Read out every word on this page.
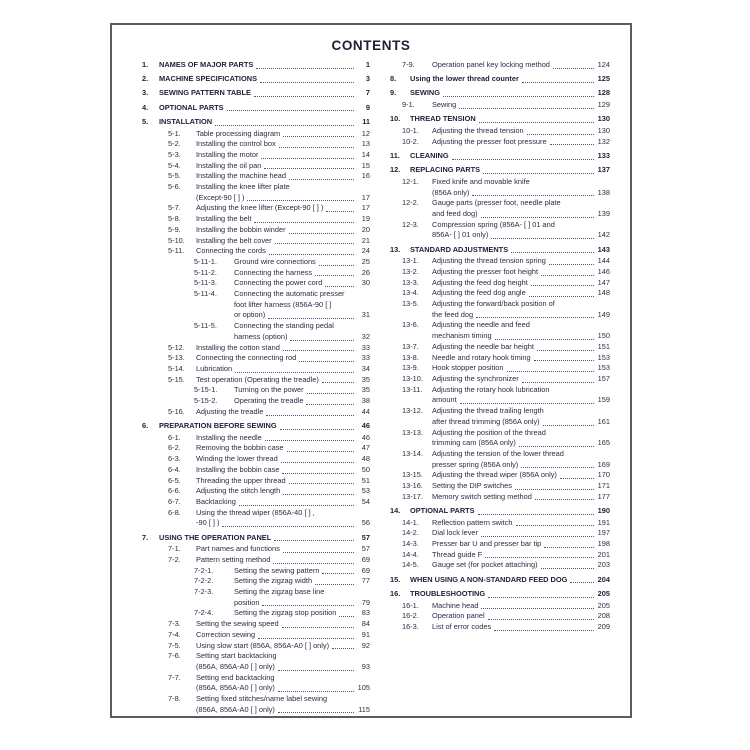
CONTENTS
1.	NAMES OF MAJOR PARTS	1
2.	MACHINE SPECIFICATIONS	3
3.	SEWING PATTERN TABLE	7
4.	OPTIONAL PARTS	9
5.	INSTALLATION	11
5-1.	Table processing diagram	12
5-2.	Installing the control box	13
5-3.	Installing the motor	14
5-4.	Installing the oil pan	15
5-5.	Installing the machine head	16
5-6.	Installing the knee lifter plate
(Except-90 [ ] )	17
5-7.	Adjusting the knee lifter (Except-90 [ ] )	17
5-8.	Installing the belt	19
5-9.	Installing the bobbin winder	20
5-10.	Installing the belt cover	21
5-11.	Connecting the cords	24
5-11-1.	Ground wire connections	25
5-11-2.	Connecting the harness	26
5-11-3.	Connecting the power cord	30
5-11-4.	Connecting the automatic presser
foot lifter harness (856A-90 [ ]
or option)	31
5-11-5.	Connecting the standing pedal
harness (option)	32
5-12.	Installing the cotton stand	33
5-13.	Connecting the connecting rod	33
5-14.	Lubrication	34
5-15.	Test operation (Operating the treadle)	35
5-15-1.	Turning on the power	35
5-15-2.	Operating the treadle	38
5-16.	Adjusting the treadle	44
6.	PREPARATION BEFORE SEWING	46
6-1.	Installing the needle	46
6-2.	Removing the bobbin case	47
6-3.	Winding the lower thread	48
6-4.	Installing the bobbin case	50
6-5.	Threading the upper thread	51
6-6.	Adjusting the stitch length	53
6-7.	Backtacking	54
6-8.	Using the thread wiper (856A-40 [ ] ,
-90 [ ] )	56
7.	USING THE OPERATION PANEL	57
7-1.	Part names and functions	57
7-2.	Pattern setting method	69
7-2-1.	Setting the sewing pattern	69
7-2-2.	Setting the zigzag width	77
7-2-3.	Setting the zigzag base line
position	79
7-2-4.	Setting the zigzag stop position	83
7-3.	Setting the sewing speed	84
7-4.	Correction sewing	91
7-5.	Using slow start (856A, 856A-A0 [ ] only)	92
7-6.	Setting start backtacking
(856A, 856A-A0 [ ] only)	93
7-7.	Setting end backtacking
(856A, 856A-A0 [ ] only)	105
7-8.	Setting fixed stitches/name label sewing
(856A, 856A-A0 [ ] only)	115
7-9.	Operation panel key locking method	124
8.	Using the lower thread counter	125
9.	SEWING	128
9-1.	Sewing	129
10.	THREAD TENSION	130
10-1.	Adjusting the thread tension	130
10-2.	Adjusting the presser foot pressure	132
11.	CLEANING	133
12.	REPLACING PARTS	137
12-1.	Fixed knife and movable knife
(856A only)	138
12-2.	Gauge parts (presser foot, needle plate
and feed dog)	139
12-3.	Compression spring (856A- [ ] 01 and
856A- [ ] 01 only)	142
13.	STANDARD ADJUSTMENTS	143
13-1.	Adjusting the thread tension spring	144
13-2.	Adjusting the presser foot height	146
13-3.	Adjusting the feed dog height	147
13-4.	Adjusting the feed dog angle	148
13-5.	Adjusting the forward/back position of
the feed dog	149
13-6.	Adjusting the needle and feed
mechanism timing	150
13-7.	Adjusting the needle bar height	151
13-8.	Needle and rotary hook timing	153
13-9.	Hook stopper position	153
13-10.	Adjusting the synchronizer	157
13-11.	Adjusting the rotary hook lubrication
amount	159
13-12.	Adjusting the thread trailing length
after thread trimming (856A only)	161
13-13.	Adjusting the position of the thread
trimming cam (856A only)	165
13-14.	Adjusting the tension of the lower thread
presser spring (856A only)	169
13-15.	Adjusting the thread wiper (856A only)	170
13-16.	Setting the DIP switches	171
13-17.	Memory switch setting method	177
14.	OPTIONAL PARTS	190
14-1.	Reflection pattern switch	191
14-2.	Dial lock lever	197
14-3.	Presser bar U and presser bar tip	198
14-4.	Thread guide F	201
14-5.	Gauge set (for pocket attaching)	203
15.	WHEN USING A NON-STANDARD FEED DOG	204
16.	TROUBLESHOOTING	205
16-1.	Machine head	205
16-2.	Operation panel	208
16-3.	List of error codes	209
